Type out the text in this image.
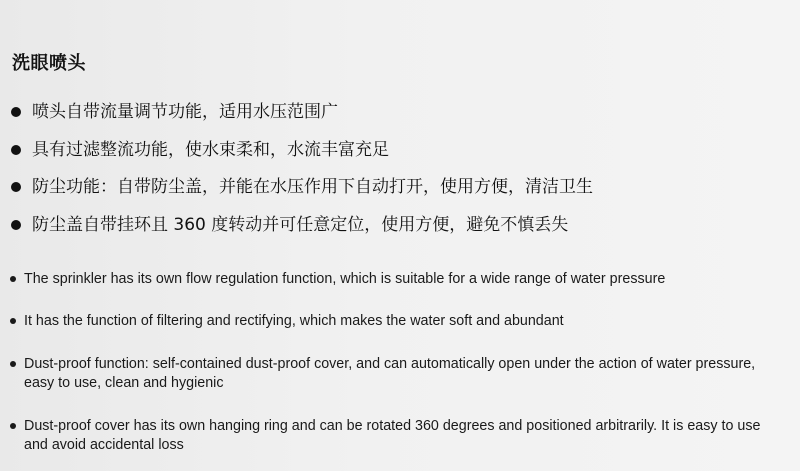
洗眼喷头
喷头自带流量调节功能，适用水压范围广
具有过滤整流功能，使水束柔和，水流丰富充足
防尘功能：自带防尘盖，并能在水压作用下自动打开，使用方便，清洁卫生
防尘盖自带挂环且 360 度转动并可任意定位，使用方便，避免不慎丢失
The sprinkler has its own flow regulation function, which is suitable for a wide range of water pressure
It has the function of filtering and rectifying, which makes the water soft and abundant
Dust-proof function: self-contained dust-proof cover, and can automatically open under the action of water pressure, easy to use, clean and hygienic
Dust-proof cover has its own hanging ring and can be rotated 360 degrees and positioned arbitrarily. It is easy to use and avoid accidental loss
